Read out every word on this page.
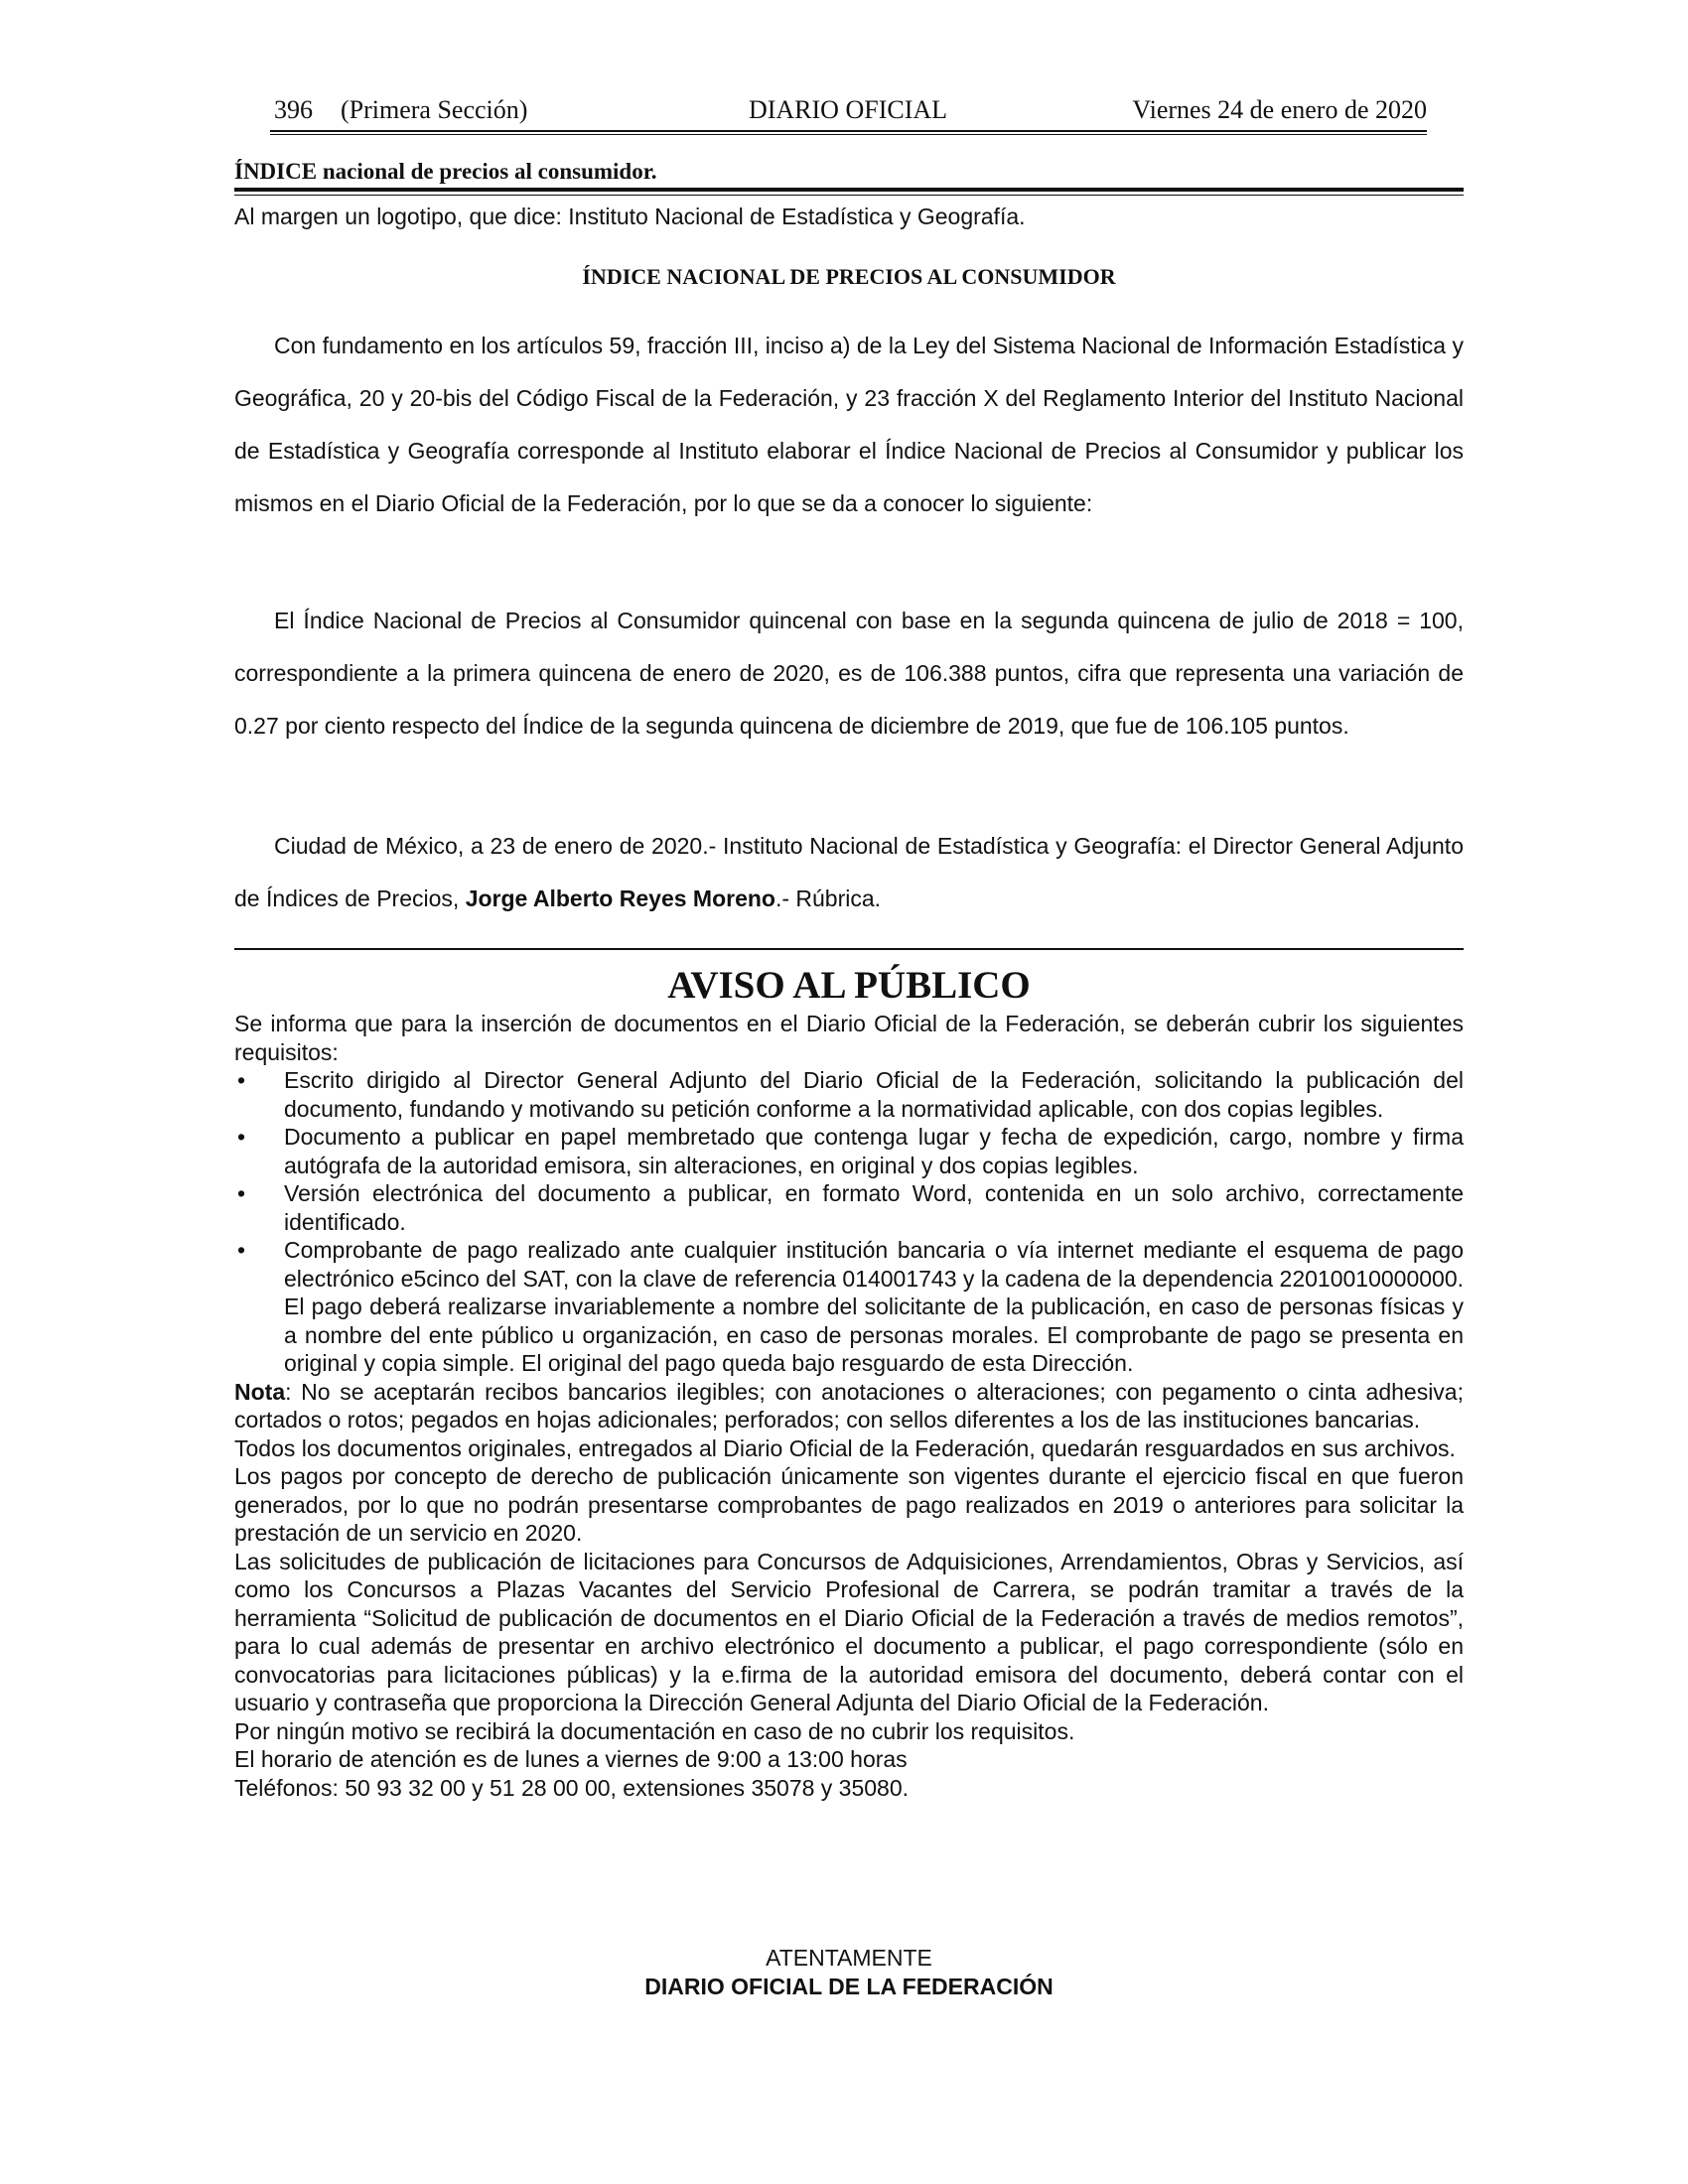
396 (Primera Sección)	DIARIO OFICIAL	Viernes 24 de enero de 2020
ÍNDICE nacional de precios al consumidor.
Al margen un logotipo, que dice: Instituto Nacional de Estadística y Geografía.
ÍNDICE NACIONAL DE PRECIOS AL CONSUMIDOR

Con fundamento en los artículos 59, fracción III, inciso a) de la Ley del Sistema Nacional de Información Estadística y Geográfica, 20 y 20-bis del Código Fiscal de la Federación, y 23 fracción X del Reglamento Interior del Instituto Nacional de Estadística y Geografía corresponde al Instituto elaborar el Índice Nacional de Precios al Consumidor y publicar los mismos en el Diario Oficial de la Federación, por lo que se da a conocer lo siguiente:

El Índice Nacional de Precios al Consumidor quincenal con base en la segunda quincena de julio de 2018 = 100, correspondiente a la primera quincena de enero de 2020, es de 106.388 puntos, cifra que representa una variación de 0.27 por ciento respecto del Índice de la segunda quincena de diciembre de 2019, que fue de 106.105 puntos.

Ciudad de México, a 23 de enero de 2020.- Instituto Nacional de Estadística y Geografía: el Director General Adjunto de Índices de Precios, Jorge Alberto Reyes Moreno.- Rúbrica.

AVISO AL PÚBLICO

Se informa que para la inserción de documentos en el Diario Oficial de la Federación, se deberán cubrir los siguientes requisitos:

• Escrito dirigido al Director General Adjunto del Diario Oficial de la Federación, solicitando la publicación del documento, fundando y motivando su petición conforme a la normatividad aplicable, con dos copias legibles.
• Documento a publicar en papel membretado que contenga lugar y fecha de expedición, cargo, nombre y firma autógrafa de la autoridad emisora, sin alteraciones, en original y dos copias legibles.
• Versión electrónica del documento a publicar, en formato Word, contenida en un solo archivo, correctamente identificado.
• Comprobante de pago realizado ante cualquier institución bancaria o vía internet mediante el esquema de pago electrónico e5cinco del SAT, con la clave de referencia 014001743 y la cadena de la dependencia 22010010000000. El pago deberá realizarse invariablemente a nombre del solicitante de la publicación, en caso de personas físicas y a nombre del ente público u organización, en caso de personas morales. El comprobante de pago se presenta en original y copia simple. El original del pago queda bajo resguardo de esta Dirección.

Nota: No se aceptarán recibos bancarios ilegibles; con anotaciones o alteraciones; con pegamento o cinta adhesiva; cortados o rotos; pegados en hojas adicionales; perforados; con sellos diferentes a los de las instituciones bancarias.

Todos los documentos originales, entregados al Diario Oficial de la Federación, quedarán resguardados en sus archivos.

Los pagos por concepto de derecho de publicación únicamente son vigentes durante el ejercicio fiscal en que fueron generados, por lo que no podrán presentarse comprobantes de pago realizados en 2019 o anteriores para solicitar la prestación de un servicio en 2020.

Las solicitudes de publicación de licitaciones para Concursos de Adquisiciones, Arrendamientos, Obras y Servicios, así como los Concursos a Plazas Vacantes del Servicio Profesional de Carrera, se podrán tramitar a través de la herramienta “Solicitud de publicación de documentos en el Diario Oficial de la Federación a través de medios remotos”, para lo cual además de presentar en archivo electrónico el documento a publicar, el pago correspondiente (sólo en convocatorias para licitaciones públicas) y la e.firma de la autoridad emisora del documento, deberá contar con el usuario y contraseña que proporciona la Dirección General Adjunta del Diario Oficial de la Federación.

Por ningún motivo se recibirá la documentación en caso de no cubrir los requisitos.

El horario de atención es de lunes a viernes de 9:00 a 13:00 horas

Teléfonos: 50 93 32 00 y 51 28 00 00, extensiones 35078 y 35080.

ATENTAMENTE
DIARIO OFICIAL DE LA FEDERACIÓN
